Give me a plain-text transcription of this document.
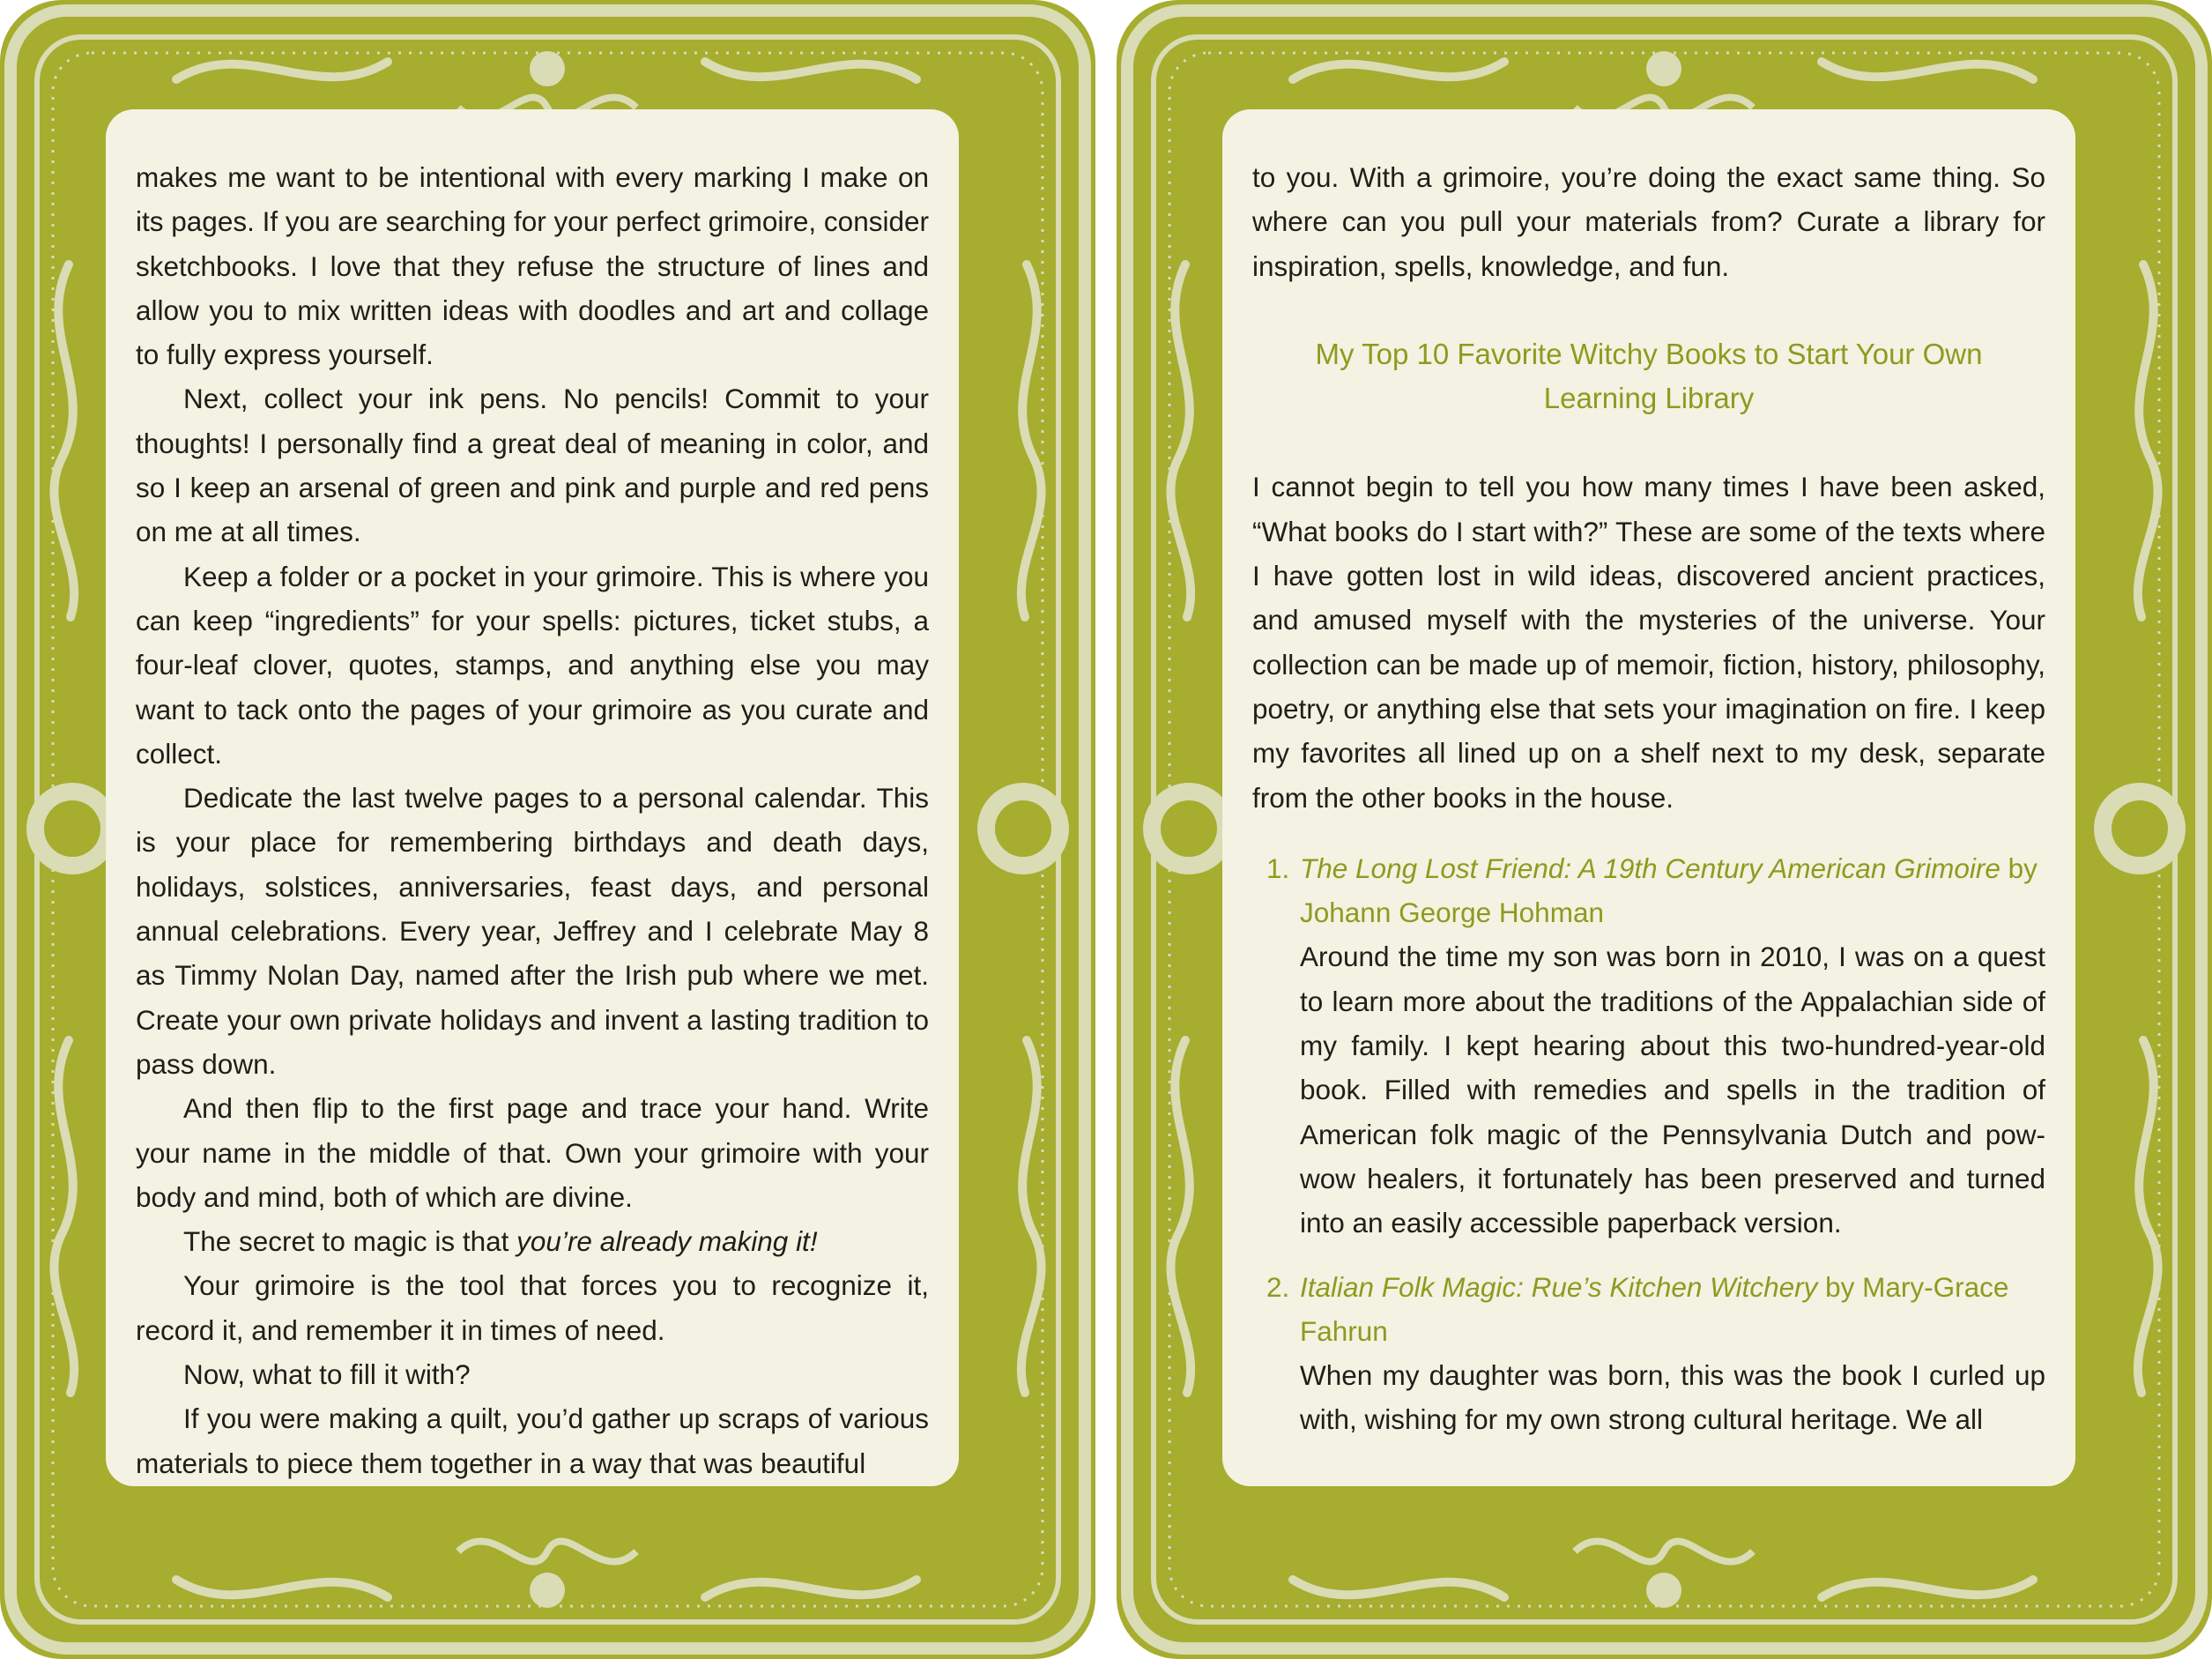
makes me want to be intentional with every marking I make on its pages. If you are searching for your perfect grimoire, consider sketchbooks. I love that they refuse the structure of lines and allow you to mix written ideas with doodles and art and collage to fully express yourself.

Next, collect your ink pens. No pencils! Commit to your thoughts! I personally find a great deal of meaning in color, and so I keep an arsenal of green and pink and purple and red pens on me at all times.

Keep a folder or a pocket in your grimoire. This is where you can keep “ingredients” for your spells: pictures, ticket stubs, a four-leaf clover, quotes, stamps, and anything else you may want to tack onto the pages of your grimoire as you curate and collect.

Dedicate the last twelve pages to a personal calendar. This is your place for remembering birthdays and death days, holidays, solstices, anniversaries, feast days, and personal annual celebrations. Every year, Jeffrey and I celebrate May 8 as Timmy Nolan Day, named after the Irish pub where we met. Create your own private holidays and invent a lasting tradition to pass down.

And then flip to the first page and trace your hand. Write your name in the middle of that. Own your grimoire with your body and mind, both of which are divine.

The secret to magic is that you’re already making it!

Your grimoire is the tool that forces you to recognize it, record it, and remember it in times of need.

Now, what to fill it with?

If you were making a quilt, you’d gather up scraps of various materials to piece them together in a way that was beautiful

to you. With a grimoire, you’re doing the exact same thing. So where can you pull your materials from? Curate a library for inspiration, spells, knowledge, and fun.

My Top 10 Favorite Witchy Books to Start Your Own Learning Library

I cannot begin to tell you how many times I have been asked, “What books do I start with?” These are some of the texts where I have gotten lost in wild ideas, discovered ancient practices, and amused myself with the mysteries of the universe. Your collection can be made up of memoir, fiction, history, philosophy, poetry, or anything else that sets your imagination on fire. I keep my favorites all lined up on a shelf next to my desk, separate from the other books in the house.

1. The Long Lost Friend: A 19th Century American Grimoire by Johann George Hohman
Around the time my son was born in 2010, I was on a quest to learn more about the traditions of the Appalachian side of my family. I kept hearing about this two-hundred-year-old book. Filled with remedies and spells in the tradition of American folk magic of the Pennsylvania Dutch and pow-wow healers, it fortunately has been preserved and turned into an easily accessible paperback version.
2. Italian Folk Magic: Rue’s Kitchen Witchery by Mary-Grace Fahrun
When my daughter was born, this was the book I curled up with, wishing for my own strong cultural heritage. We all
